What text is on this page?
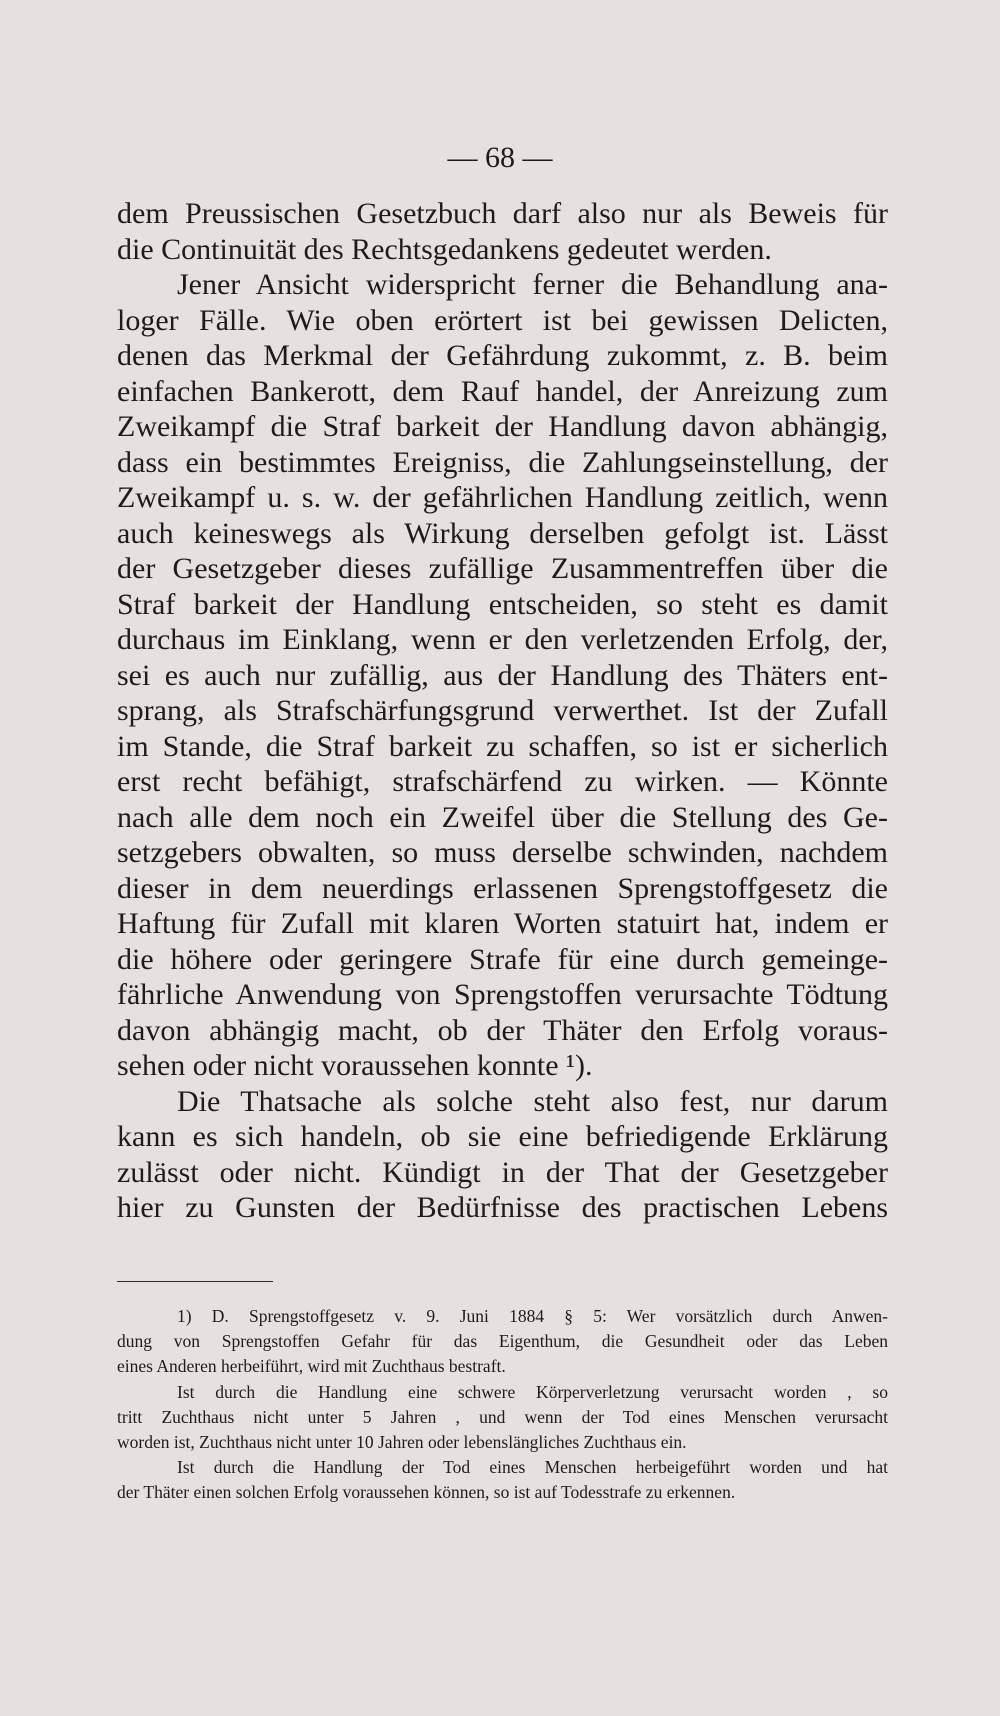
— 68 —
dem Preussischen Gesetzbuch darf also nur als Beweis für
die Continuität des Rechtsgedankens gedeutet werden.
Jener Ansicht widerspricht ferner die Behandlung ana-
loger Fälle. Wie oben erörtert ist bei gewissen Delicten,
denen das Merkmal der Gefährdung zukommt, z. B. beim
einfachen Bankerott, dem Rauf handel, der Anreizung zum
Zweikampf die Straf barkeit der Handlung davon abhängig,
dass ein bestimmtes Ereigniss, die Zahlungseinstellung, der
Zweikampf u. s. w. der gefährlichen Handlung zeitlich, wenn
auch keineswegs als Wirkung derselben gefolgt ist. Lässt
der Gesetzgeber dieses zufällige Zusammentreffen über die
Straf barkeit der Handlung entscheiden, so steht es damit
durchaus im Einklang, wenn er den verletzenden Erfolg, der,
sei es auch nur zufällig, aus der Handlung des Thäters ent-
sprang, als Strafschärfungsgrund verwerthet. Ist der Zufall
im Stande, die Straf barkeit zu schaffen, so ist er sicherlich
erst recht befähigt, strafschärfend zu wirken. — Könnte
nach alle dem noch ein Zweifel über die Stellung des Ge-
setzgebers obwalten, so muss derselbe schwinden, nachdem
dieser in dem neuerdings erlassenen Sprengstoffgesetz die
Haftung für Zufall mit klaren Worten statuirt hat, indem er
die höhere oder geringere Strafe für eine durch gemeinge-
fährliche Anwendung von Sprengstoffen verursachte Tödtung
davon abhängig macht, ob der Thäter den Erfolg voraus-
sehen oder nicht voraussehen konnte ¹).
Die Thatsache als solche steht also fest, nur darum
kann es sich handeln, ob sie eine befriedigende Erklärung
zulässt oder nicht. Kündigt in der That der Gesetzgeber
hier zu Gunsten der Bedürfnisse des practischen Lebens
1) D. Sprengstoffgesetz v. 9. Juni 1884 § 5: Wer vorsätzlich durch Anwen-
dung von Sprengstoffen Gefahr für das Eigenthum, die Gesundheit oder das Leben
eines Anderen herbeiführt, wird mit Zuchthaus bestraft.
Ist durch die Handlung eine schwere Körperverletzung verursacht worden , so
tritt Zuchthaus nicht unter 5 Jahren , und wenn der Tod eines Menschen verursacht
worden ist, Zuchthaus nicht unter 10 Jahren oder lebenslängliches Zuchthaus ein.
Ist durch die Handlung der Tod eines Menschen herbeigeführt worden und hat
der Thäter einen solchen Erfolg voraussehen können, so ist auf Todesstrafe zu erkennen.
